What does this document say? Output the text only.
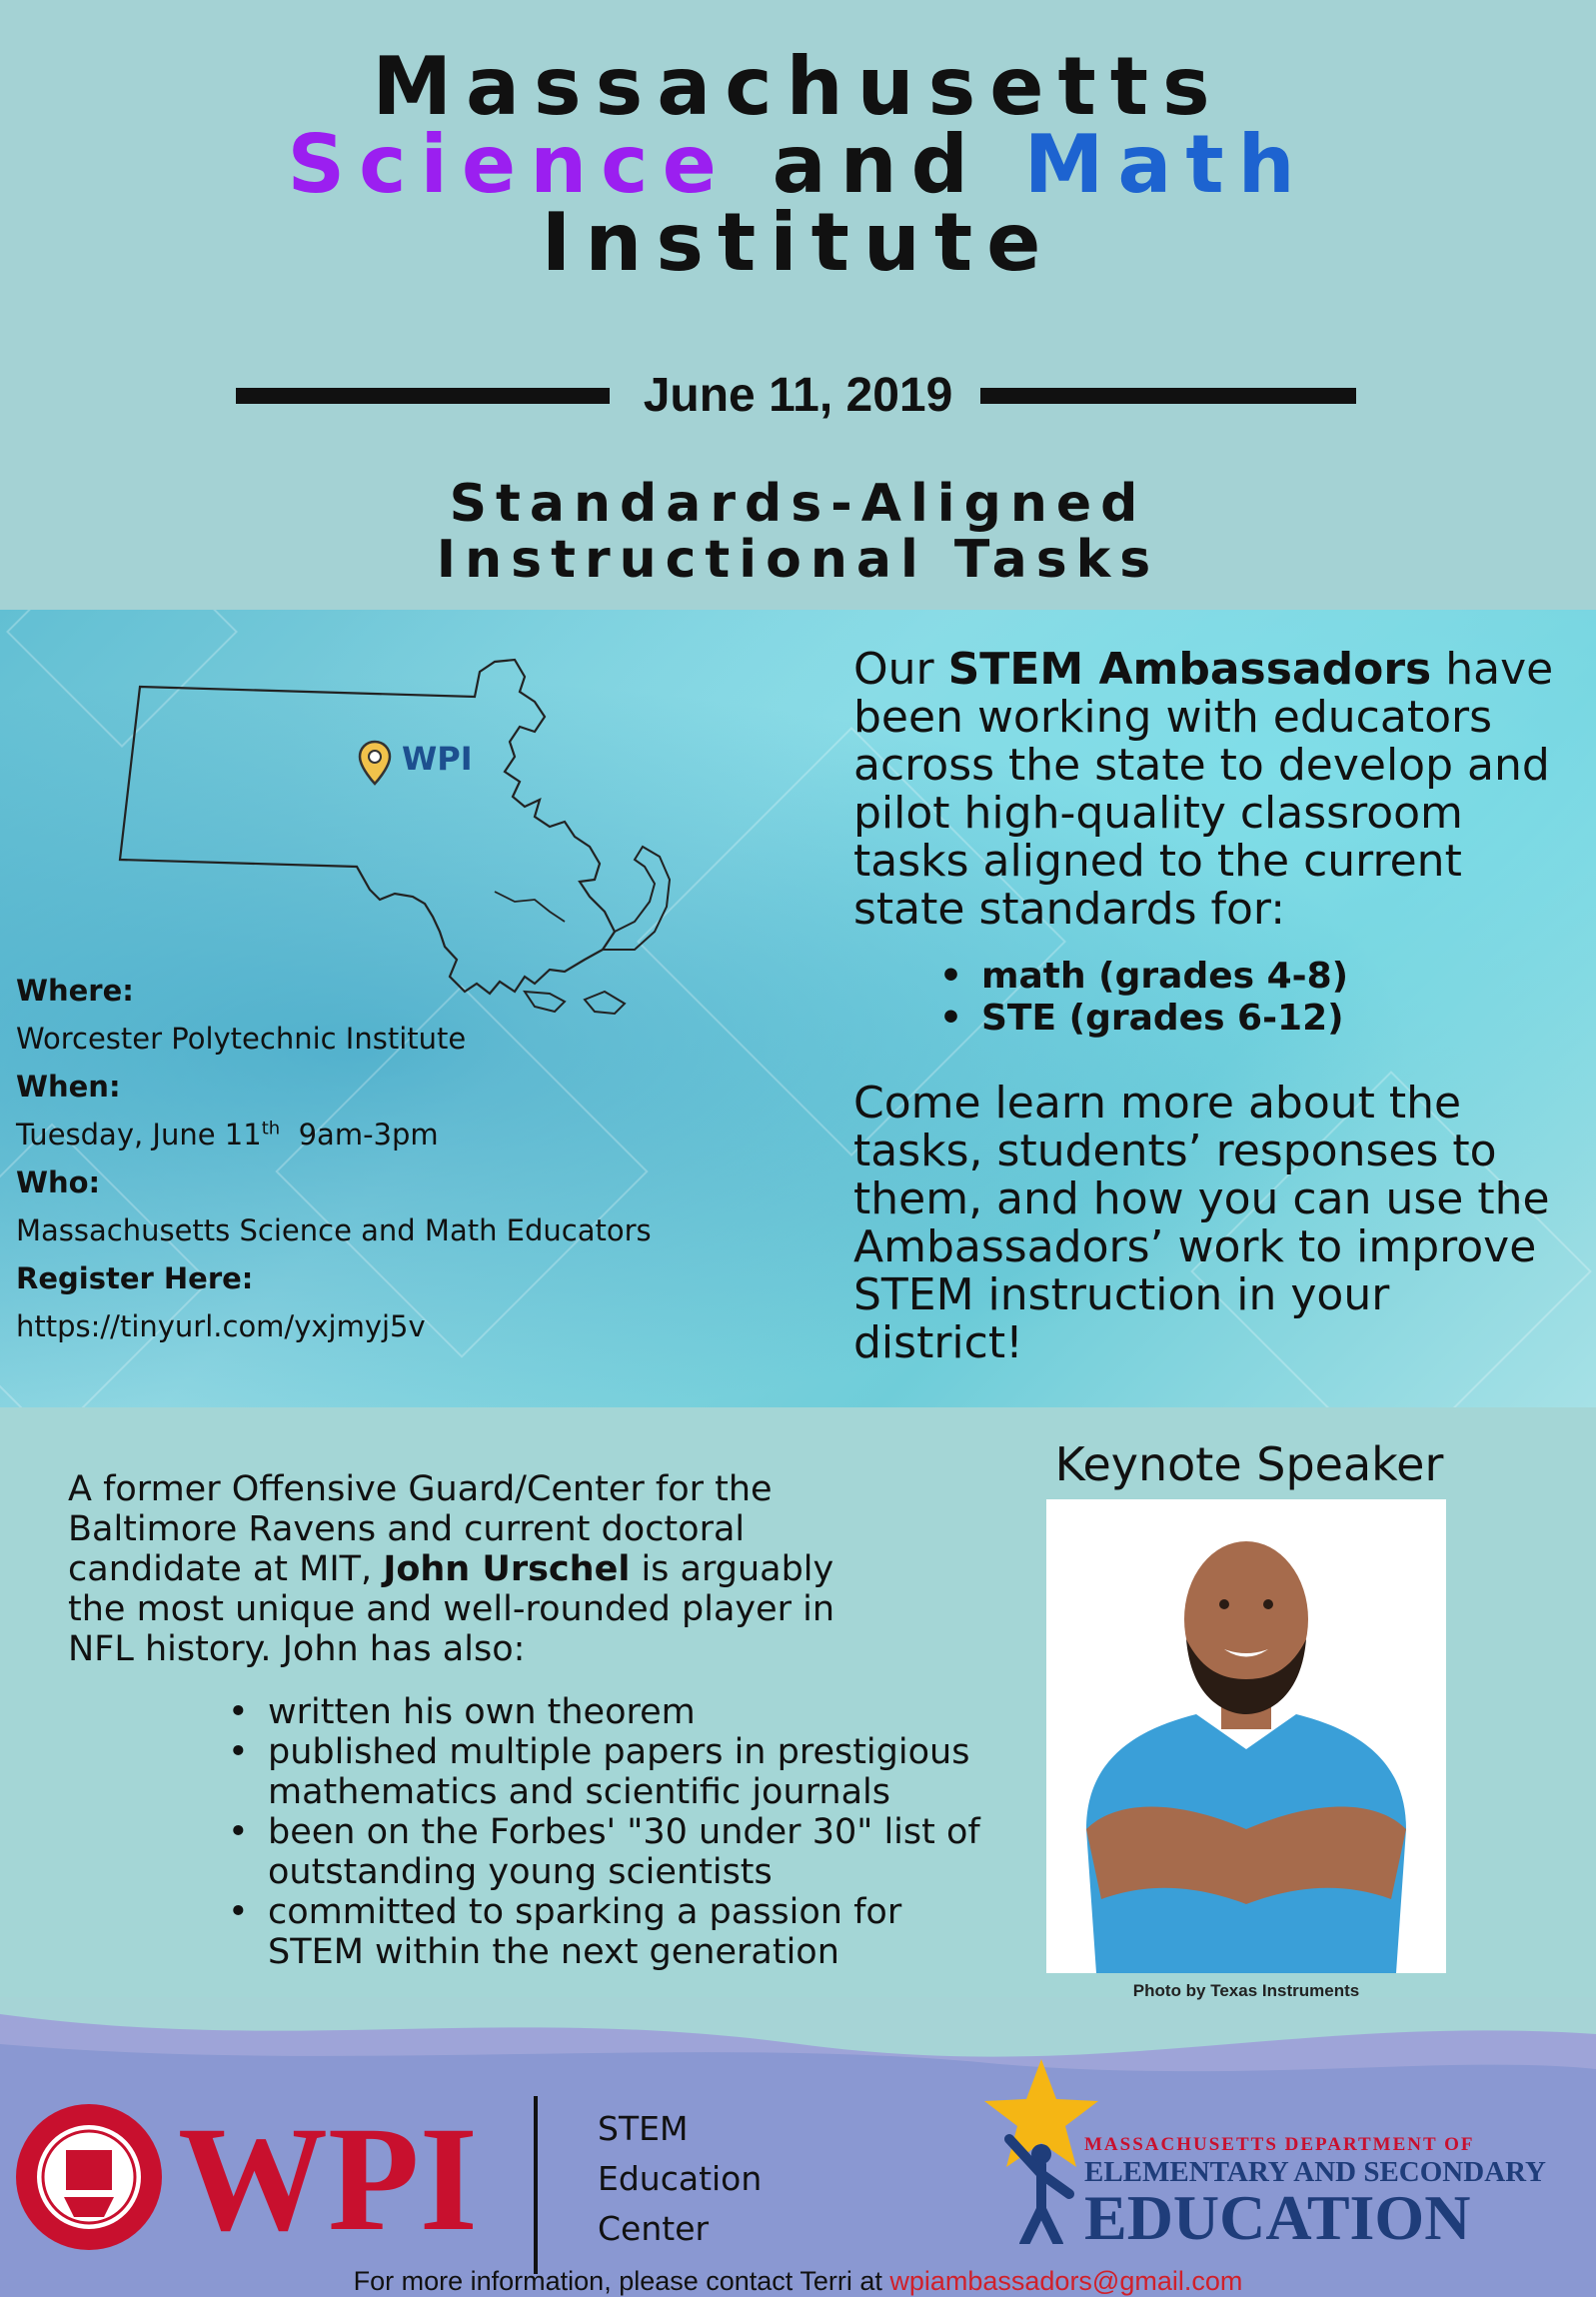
Massachusetts
Science and Math
Institute
June 11, 2019
Standards-Aligned
Instructional Tasks
WPI
Where:
Worcester Polytechnic Institute
When:
Tuesday, June 11th 9am-3pm
Who:
Massachusetts Science and Math Educators
Register Here:
https://tinyurl.com/yxjmyj5v
Our STEM Ambassadors have
been working with educators
across the state to develop and
pilot high-quality classroom
tasks aligned to the current
state standards for:
• math (grades 4-8)
• STE (grades 6-12)
Come learn more about the
tasks, students’ responses to
them, and how you can use the
Ambassadors’ work to improve
STEM instruction in your district!
A former Offensive Guard/Center for the
Baltimore Ravens and current doctoral
candidate at MIT, John Urschel is arguably
the most unique and well-rounded player in
NFL history. John has also:
• written his own theorem
• published multiple papers in prestigious
mathematics and scientific journals
• been on the Forbes' "30 under 30" list of
outstanding young scientists
• committed to sparking a passion for
STEM within the next generation
Keynote Speaker
Photo by Texas Instruments
WPI	STEM
Education
Center
MASSACHUSETTS DEPARTMENT OF
ELEMENTARY AND SECONDARY
EDUCATION
For more information, please contact Terri at wpiambassadors@gmail.com
